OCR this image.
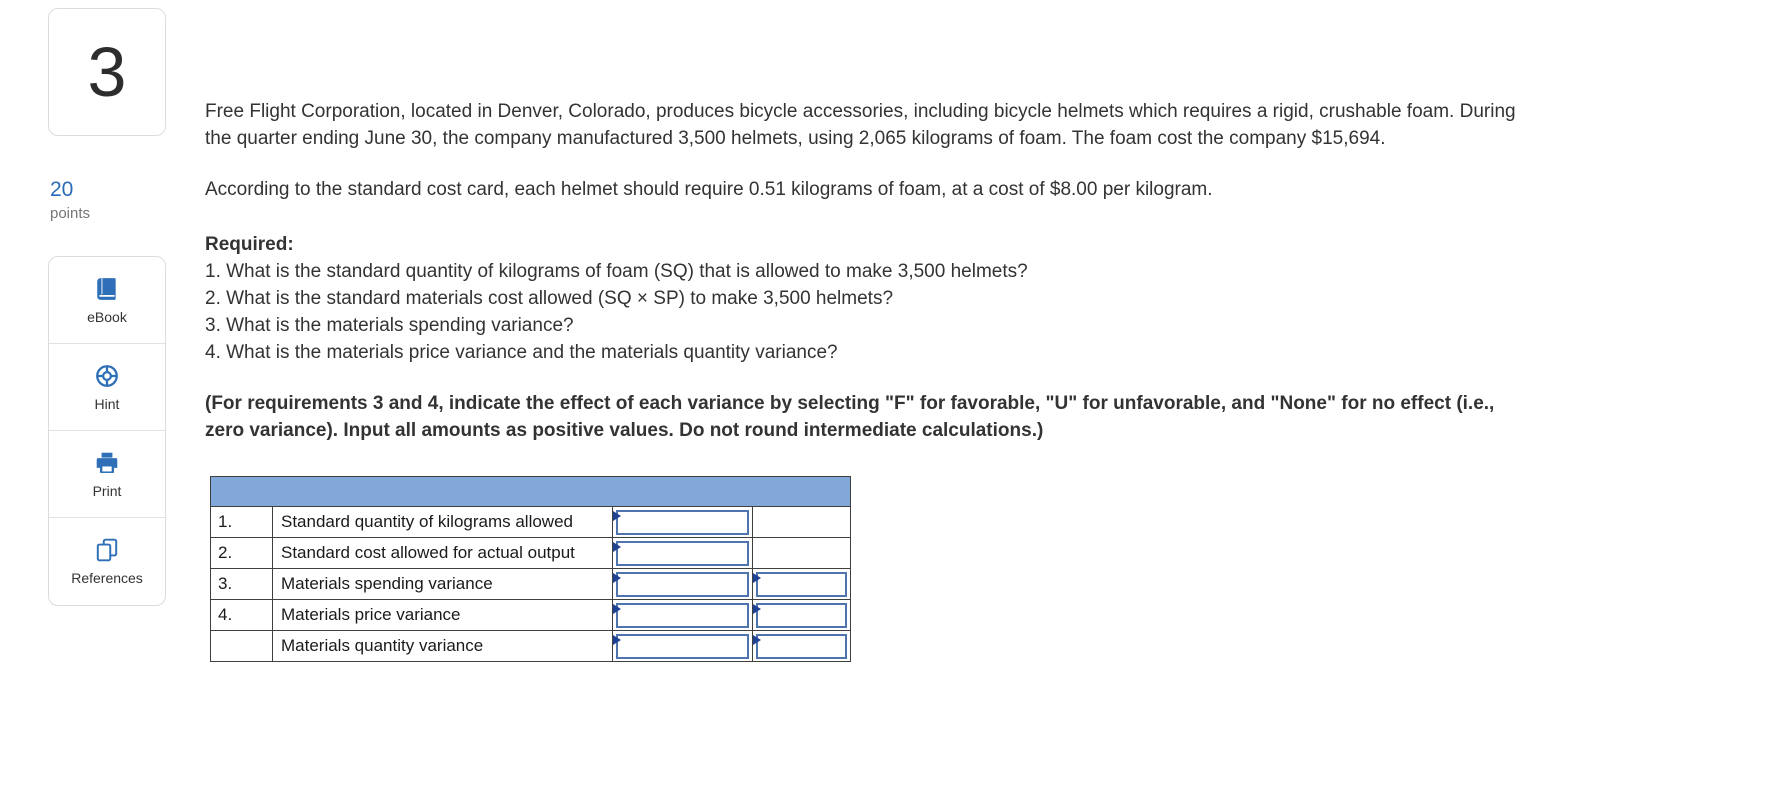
3
20
points
eBook
Hint
Print
References

Free Flight Corporation, located in Denver, Colorado, produces bicycle accessories, including bicycle helmets which requires a rigid, crushable foam. During the quarter ending June 30, the company manufactured 3,500 helmets, using 2,065 kilograms of foam. The foam cost the company $15,694.

According to the standard cost card, each helmet should require 0.51 kilograms of foam, at a cost of $8.00 per kilogram.

Required:

1. What is the standard quantity of kilograms of foam (SQ) that is allowed to make 3,500 helmets?
2. What is the standard materials cost allowed (SQ × SP) to make 3,500 helmets?
3. What is the materials spending variance?
4. What is the materials price variance and the materials quantity variance?

(For requirements 3 and 4, indicate the effect of each variance by selecting "F" for favorable, "U" for unfavorable, and "None" for no effect (i.e., zero variance). Input all amounts as positive values. Do not round intermediate calculations.)

1.	Standard quantity of kilograms allowed	

2.	Standard cost allowed for actual output	

3.	Materials spending variance	

4.	Materials price variance	

	Materials quantity variance	
